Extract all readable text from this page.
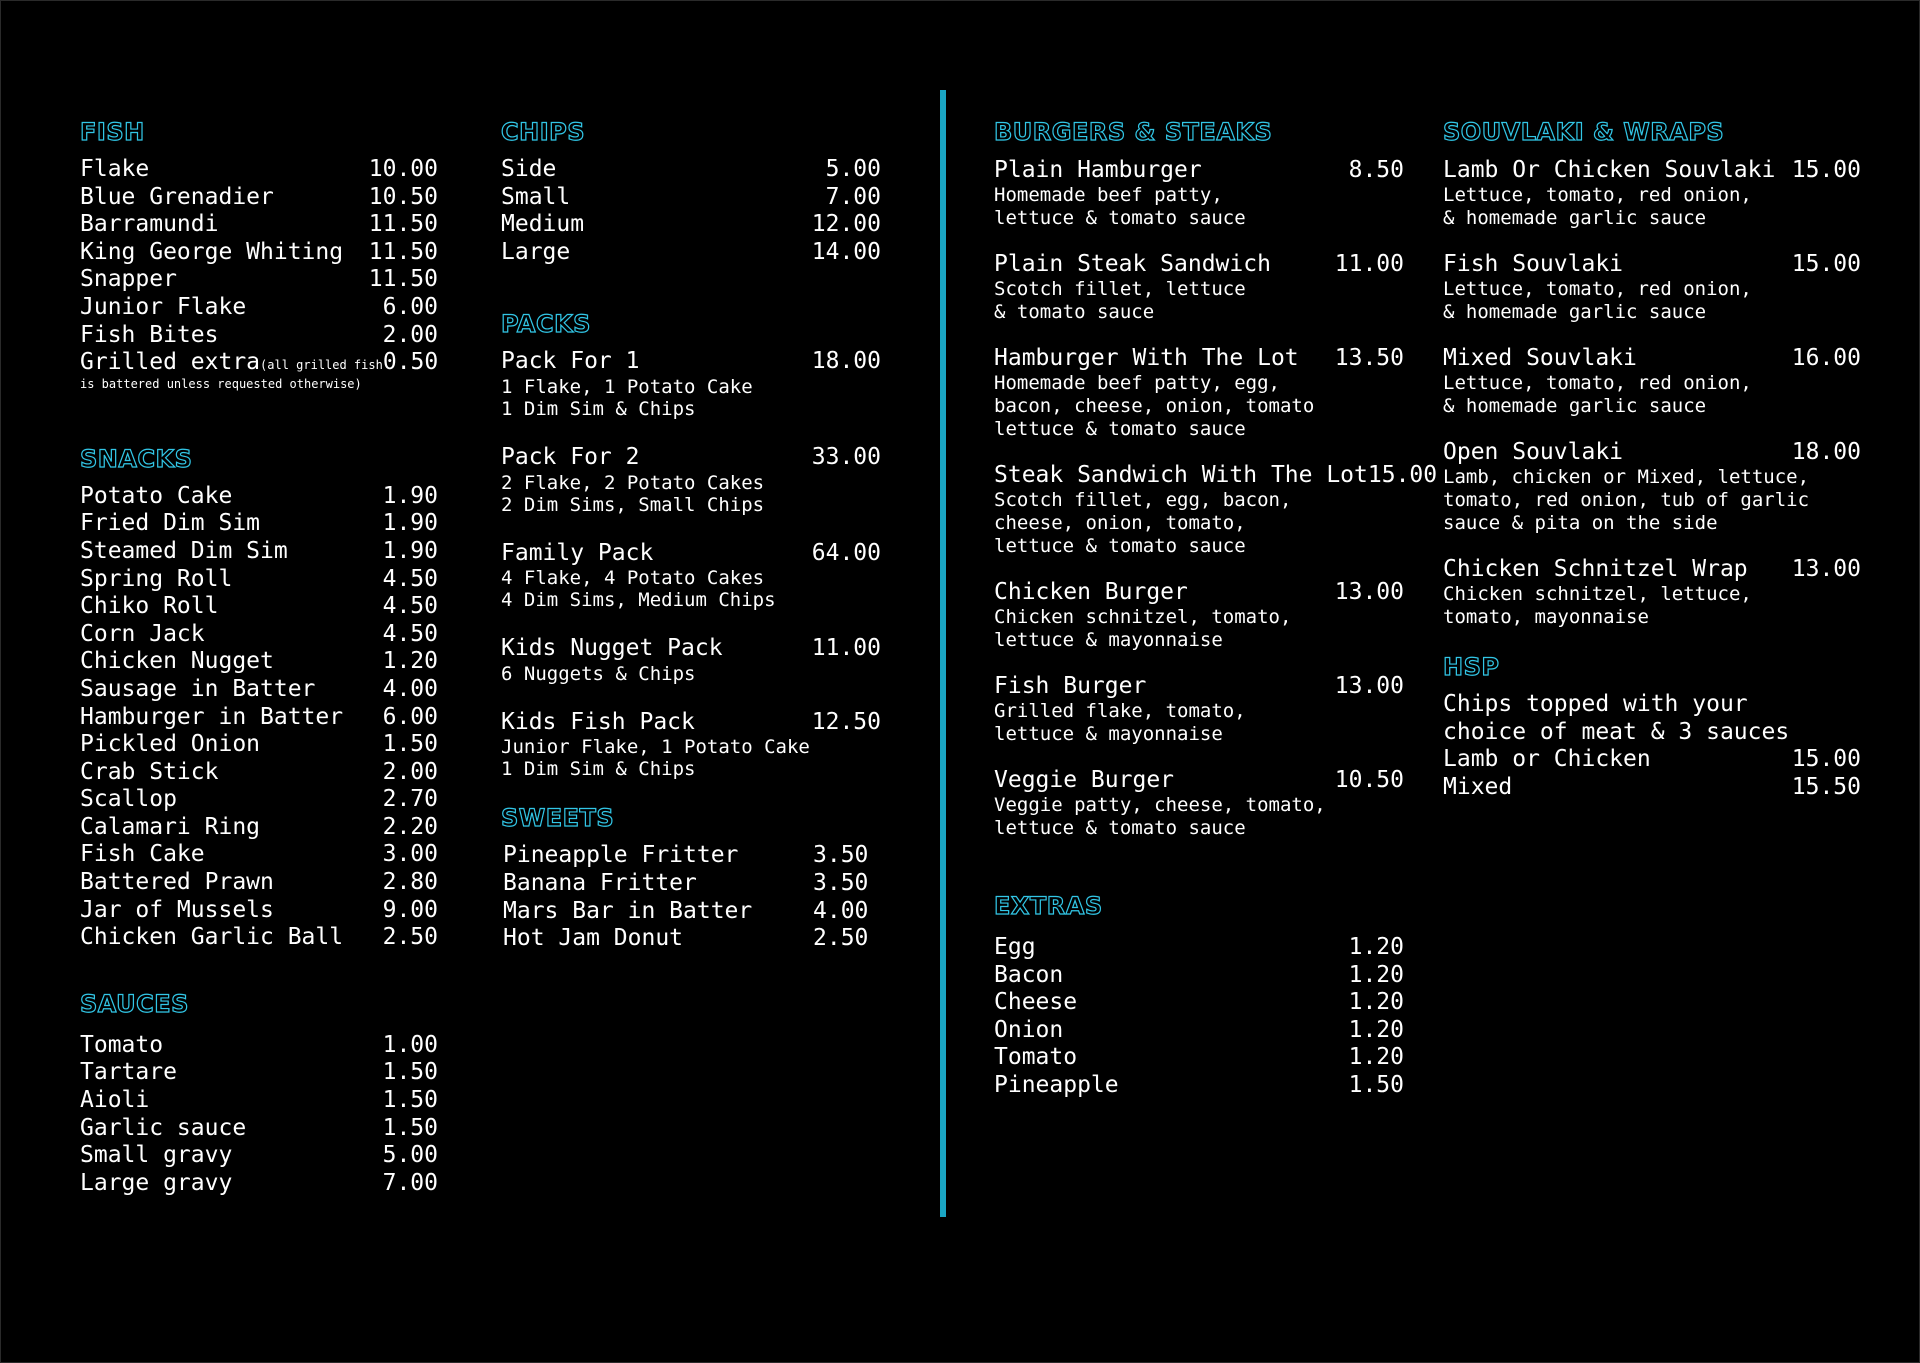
FISH
Flake	10.00
Blue Grenadier	10.50
Barramundi	11.50
King George Whiting 11.50
Snapper	11.50
Junior Flake	6.00
Fish Bites	2.00
Grilled extra(all grilled fish 0.50
is battered unless requested otherwise)
SNACKS
Potato Cake	1.90
Fried Dim Sim	1.90
Steamed Dim Sim	1.90
Spring Roll	4.50
Chiko Roll	4.50
Corn Jack	4.50
Chicken Nugget	1.20
Sausage in Batter	4.00
Hamburger in Batter 6.00
Pickled Onion	1.50
Crab Stick	2.00
Scallop	2.70
Calamari Ring	2.20
Fish Cake	3.00
Battered Prawn	2.80
Jar of Mussels	9.00
Chicken Garlic Ball 2.50
SAUCES
Tomato	1.00
Tartare	1.50
Aioli	1.50
Garlic sauce	1.50
Small gravy	5.00
Large gravy	7.00
CHIPS
Side	5.00
Small	7.00
Medium	12.00
Large	14.00
PACKS
Pack For 1	18.00
1 Flake, 1 Potato Cake
1 Dim Sim & Chips
Pack For 2	33.00
2 Flake, 2 Potato Cakes
2 Dim Sims, Small Chips
Family Pack	64.00
4 Flake, 4 Potato Cakes
4 Dim Sims, Medium Chips
Kids Nugget Pack	11.00
6 Nuggets & Chips
Kids Fish Pack	12.50
Junior Flake, 1 Potato Cake
1 Dim Sim & Chips
SWEETS
Pineapple Fritter	3.50
Banana Fritter	3.50
Mars Bar in Batter	4.00
Hot Jam Donut	2.50
BURGERS & STEAKS
Plain Hamburger	8.50
Homemade beef patty,
lettuce & tomato sauce
Plain Steak Sandwich	11.00
Scotch fillet, lettuce
& tomato sauce
Hamburger With The Lot 13.50
Homemade beef patty, egg,
bacon, cheese, onion, tomato
lettuce & tomato sauce
Steak Sandwich With The Lot 15.00
Scotch fillet, egg, bacon,
cheese, onion, tomato,
lettuce & tomato sauce
Chicken Burger	13.00
Chicken schnitzel, tomato,
lettuce & mayonnaise
Fish Burger	13.00
Grilled flake, tomato,
lettuce & mayonnaise
Veggie Burger	10.50
Veggie patty, cheese, tomato,
lettuce & tomato sauce
EXTRAS
Egg	1.20
Bacon	1.20
Cheese	1.20
Onion	1.20
Tomato	1.20
Pineapple	1.50
SOUVLAKI & WRAPS
Lamb Or Chicken Souvlaki 15.00
Lettuce, tomato, red onion,
& homemade garlic sauce
Fish Souvlaki	15.00
Lettuce, tomato, red onion,
& homemade garlic sauce
Mixed Souvlaki	16.00
Lettuce, tomato, red onion,
& homemade garlic sauce
Open Souvlaki	18.00
Lamb, chicken or Mixed, lettuce,
tomato, red onion, tub of garlic
sauce & pita on the side
Chicken Schnitzel Wrap 13.00
Chicken schnitzel, lettuce,
tomato, mayonnaise
HSP
Chips topped with your
choice of meat & 3 sauces
Lamb or Chicken	15.00
Mixed	15.50
